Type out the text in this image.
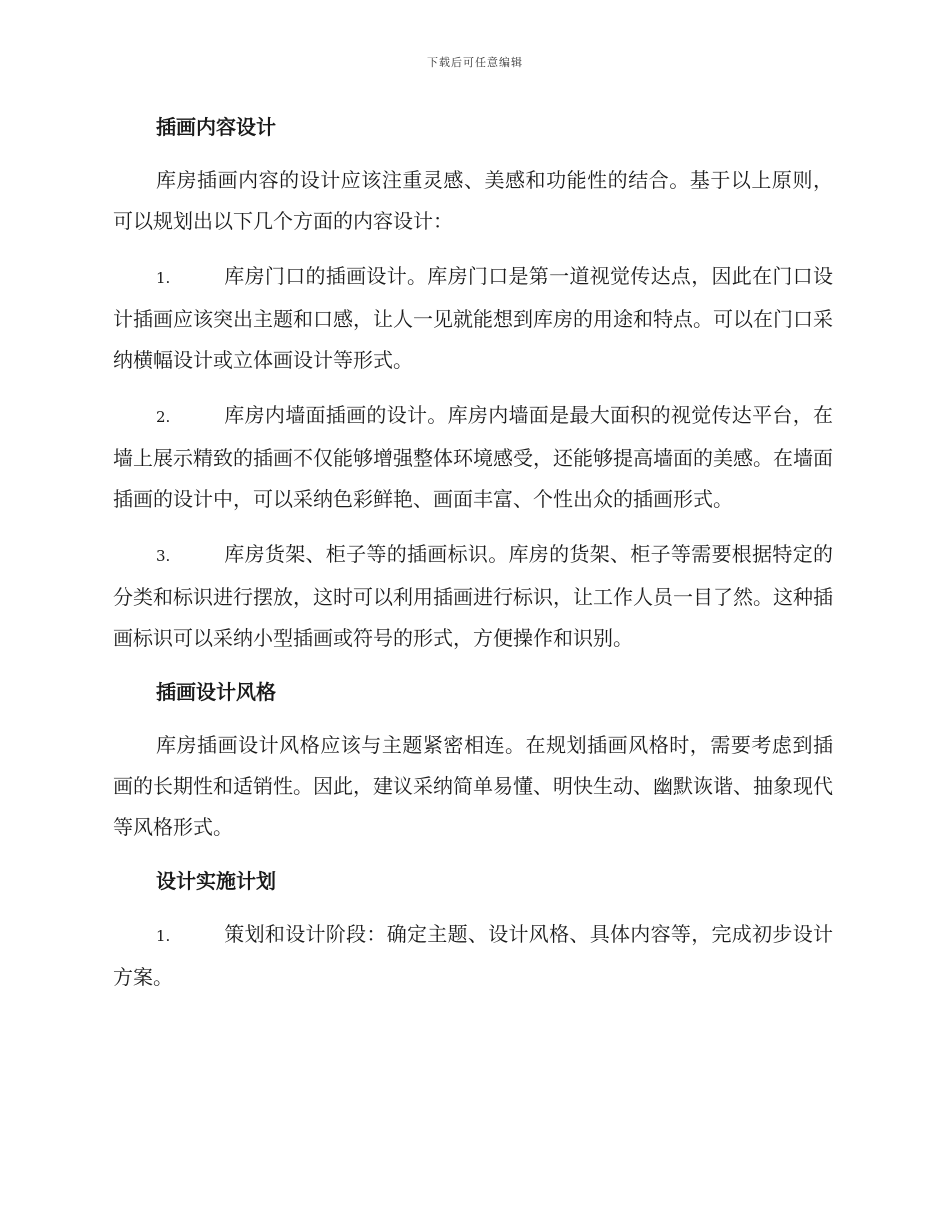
下载后可任意编辑
插画内容设计

库房插画内容的设计应该注重灵感、美感和功能性的结合。基于以上原则，可以规划出以下几个方面的内容设计：

1.	库房门口的插画设计。库房门口是第一道视觉传达点，因此在门口设计插画应该突出主题和口感，让人一见就能想到库房的用途和特点。可以在门口采纳横幅设计或立体画设计等形式。

2.	库房内墙面插画的设计。库房内墙面是最大面积的视觉传达平台，在墙上展示精致的插画不仅能够增强整体环境感受，还能够提高墙面的美感。在墙面插画的设计中，可以采纳色彩鲜艳、画面丰富、个性出众的插画形式。

3.	库房货架、柜子等的插画标识。库房的货架、柜子等需要根据特定的分类和标识进行摆放，这时可以利用插画进行标识，让工作人员一目了然。这种插画标识可以采纳小型插画或符号的形式，方便操作和识别。

插画设计风格

库房插画设计风格应该与主题紧密相连。在规划插画风格时，需要考虑到插画的长期性和适销性。因此，建议采纳简单易懂、明快生动、幽默诙谐、抽象现代等风格形式。

设计实施计划

1.	策划和设计阶段：确定主题、设计风格、具体内容等，完成初步设计方案。
